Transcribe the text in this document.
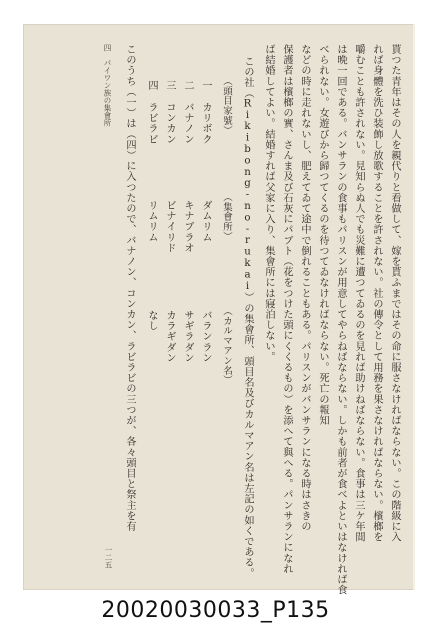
貰つた青年はその人を親代りと看做して、嫁を貰ふまではその命に服さなければならない。この階級に入
れば身體を洗ひ装飾し放歌することを許されない。社の傳令として用務を果さなければならない。檳榔を
嚼むことも許されない。見知らぬ人でも災難に遭つてゐるのを見れば助けねばならない。食事は三ケ年間
は晩一回である。バンサランの食事もパリスンが用意してやらねばならない。しかも前者が食べよといはなければ食
べられない。女遊びから歸つてくるのを待つてゐなければならない。死亡の報知
などの時に走れないし、肥えてゐて途中で倒れることもある。パリスンがバンサランになる時はさきの
保護者は檳榔の實、さんま及び石灰にパブト（花をつけた頭にくくるもの）を添へて與へる。パンサランになれ
ば結婚してよい。結婚すれば父家に入り、集會所には寢泊しない。
この社（Rikibong-no-rukai）の集會所、頭目名及びカルマアン名は左記の如くである。
（頭目家號）
（集會所）
（カルマアン名）
一
カリボク
ダムリム
バランラン
二
バナノン
キナブラオ
サギラダン
三
コンカン
ビナイリド
カラギダン
四
ラビラビ
リムリム
なし
このうち（一）は（四）に入つたので、バナノン、コンカン、ラビラビの三つが、各々頭目と祭主を有
四　パイワン族の集會所
一二五
20020030033_P135
